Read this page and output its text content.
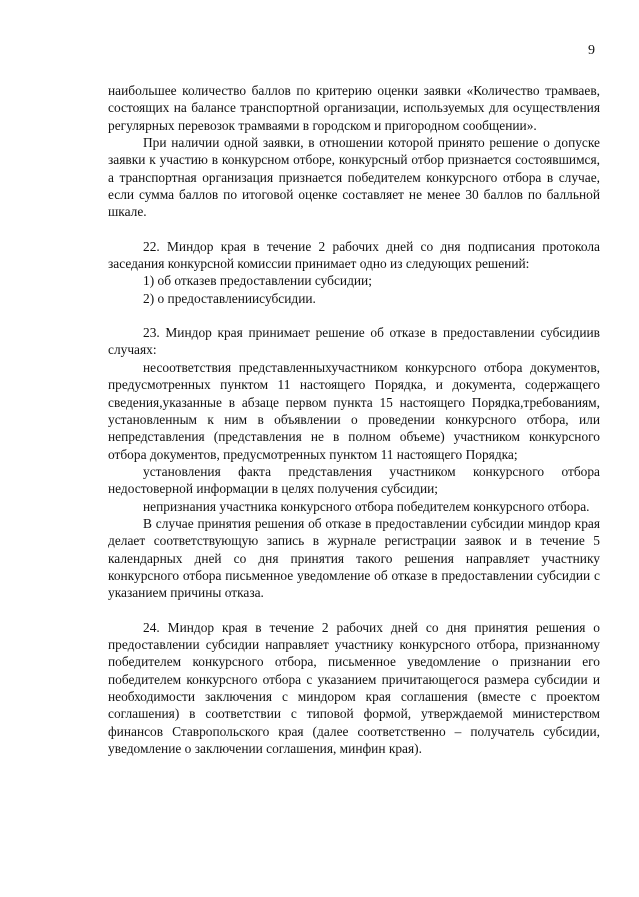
9

наибольшее количество баллов по критерию оценки заявки «Количество трамваев, состоящих на балансе транспортной организации, используемых для осуществления регулярных перевозок трамваями в городском и пригородном сообщении».

При наличии одной заявки, в отношении которой принято решение о допуске заявки к участию в конкурсном отборе, конкурсный отбор признается состоявшимся, а транспортная организация признается победителем конкурсного отбора в случае, если сумма баллов по итоговой оценке составляет не менее 30 баллов по балльной шкале.

22. Миндор края в течение 2 рабочих дней со дня подписания протокола заседания конкурсной комиссии принимает одно из следующих решений:

1) об отказев предоставлении субсидии;

2) о предоставлениисубсидии.

23. Миндор края принимает решение об отказе в предоставлении субсидиив случаях:

несоответствия представленныхучастником конкурсного отбора документов, предусмотренных пунктом 11 настоящего Порядка, и документа, содержащего сведения,указанные в абзаце первом пункта 15 настоящего Порядка,требованиям, установленным к ним в объявлении о проведении конкурсного отбора, или непредставления (представления не в полном объеме) участником конкурсного отбора документов, предусмотренных пунктом 11 настоящего Порядка;

установления факта представления участником конкурсного отбора недостоверной информации в целях получения субсидии;

непризнания участника конкурсного отбора победителем конкурсного отбора.

В случае принятия решения об отказе в предоставлении субсидии миндор края делает соответствующую запись в журнале регистрации заявок и в течение 5 календарных дней со дня принятия такого решения направляет участнику конкурсного отбора письменное уведомление об отказе в предоставлении субсидии с указанием причины отказа.

24. Миндор края в течение 2 рабочих дней со дня принятия решения о предоставлении субсидии направляет участнику конкурсного отбора, признанному победителем конкурсного отбора, письменное уведомление о признании его победителем конкурсного отбора с указанием причитающегося размера субсидии и необходимости заключения с миндором края соглашения (вместе с проектом соглашения) в соответствии с типовой формой, утверждаемой министерством финансов Ставропольского края (далее соответственно – получатель субсидии, уведомление о заключении соглашения, минфин края).
